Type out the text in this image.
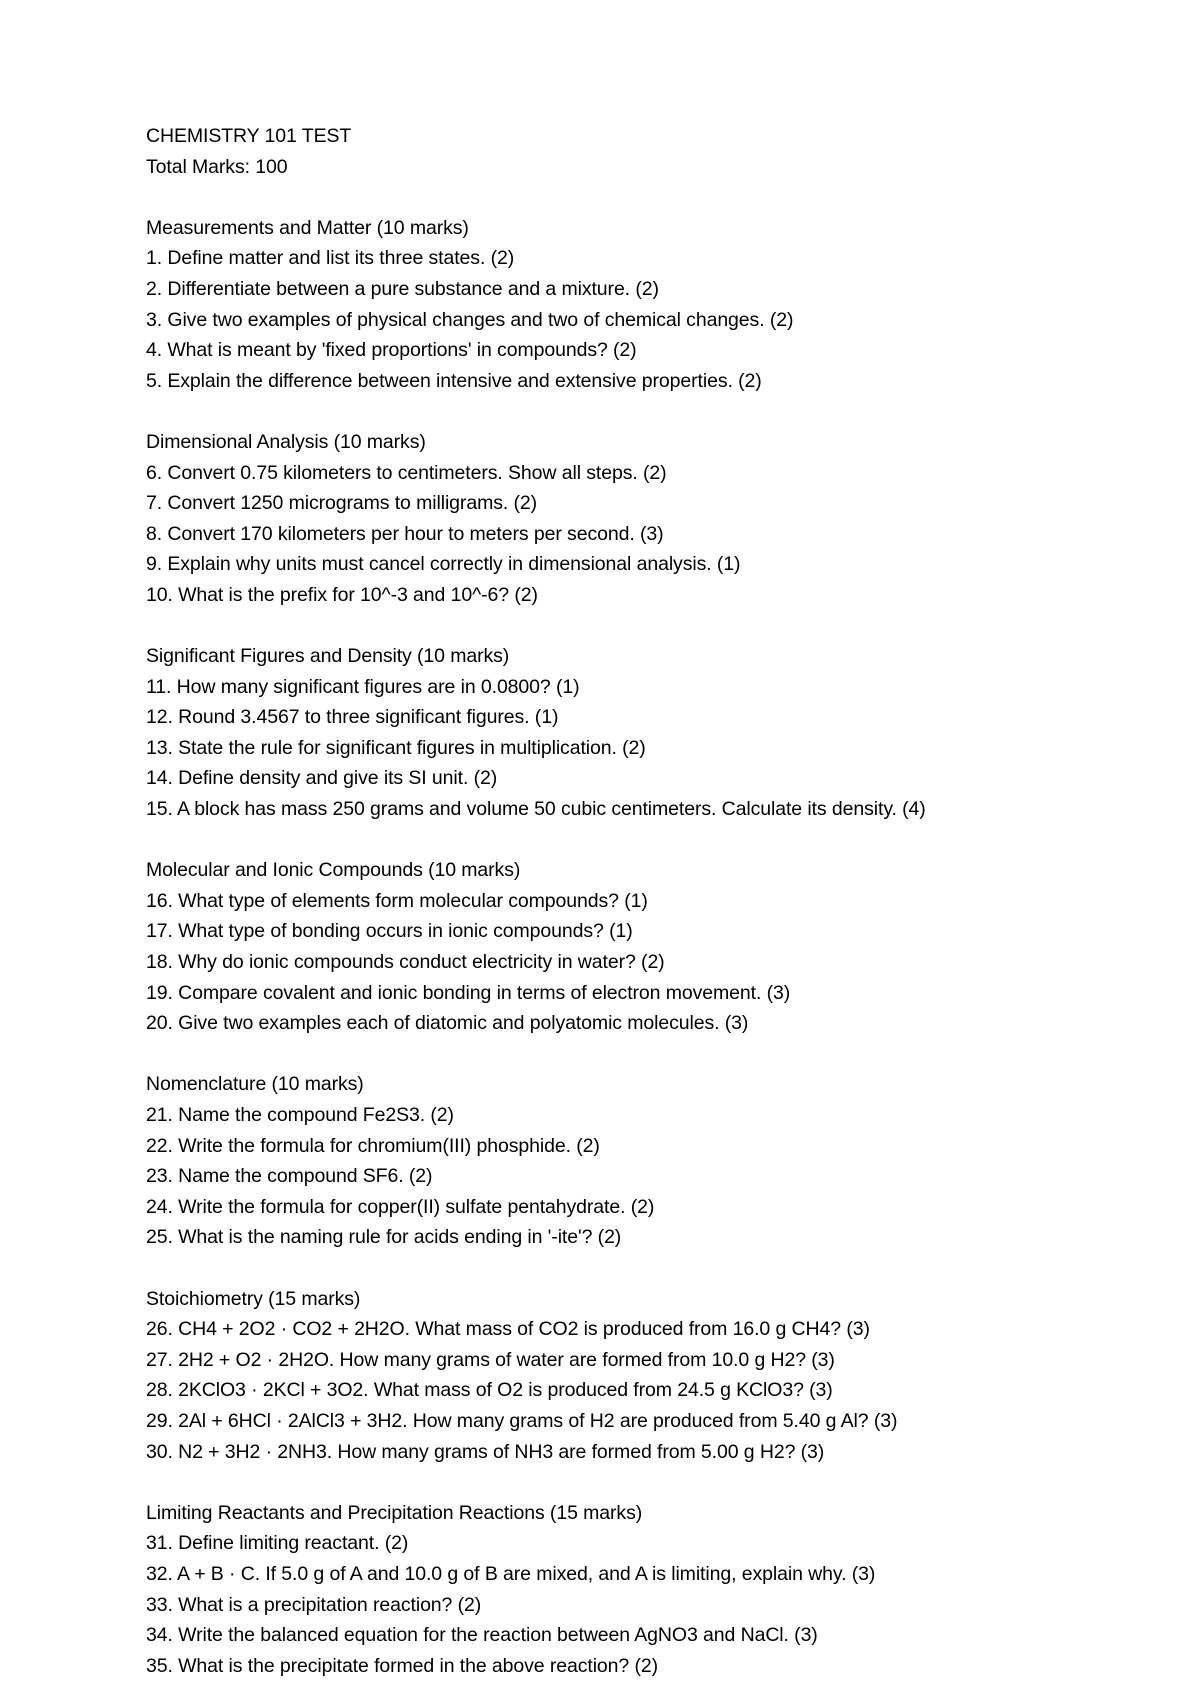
CHEMISTRY 101 TEST
Total Marks: 100
Measurements and Matter (10 marks)
1. Define matter and list its three states. (2)
2. Differentiate between a pure substance and a mixture. (2)
3. Give two examples of physical changes and two of chemical changes. (2)
4. What is meant by 'fixed proportions' in compounds? (2)
5. Explain the difference between intensive and extensive properties. (2)
Dimensional Analysis (10 marks)
6. Convert 0.75 kilometers to centimeters. Show all steps. (2)
7. Convert 1250 micrograms to milligrams. (2)
8. Convert 170 kilometers per hour to meters per second. (3)
9. Explain why units must cancel correctly in dimensional analysis. (1)
10. What is the prefix for 10^-3 and 10^-6? (2)
Significant Figures and Density (10 marks)
11. How many significant figures are in 0.0800? (1)
12. Round 3.4567 to three significant figures. (1)
13. State the rule for significant figures in multiplication. (2)
14. Define density and give its SI unit. (2)
15. A block has mass 250 grams and volume 50 cubic centimeters. Calculate its density. (4)
Molecular and Ionic Compounds (10 marks)
16. What type of elements form molecular compounds? (1)
17. What type of bonding occurs in ionic compounds? (1)
18. Why do ionic compounds conduct electricity in water? (2)
19. Compare covalent and ionic bonding in terms of electron movement. (3)
20. Give two examples each of diatomic and polyatomic molecules. (3)
Nomenclature (10 marks)
21. Name the compound Fe2S3. (2)
22. Write the formula for chromium(III) phosphide. (2)
23. Name the compound SF6. (2)
24. Write the formula for copper(II) sulfate pentahydrate. (2)
25. What is the naming rule for acids ending in '-ite'? (2)
Stoichiometry (15 marks)
26. CH4 + 2O2 · CO2 + 2H2O. What mass of CO2 is produced from 16.0 g CH4? (3)
27. 2H2 + O2 · 2H2O. How many grams of water are formed from 10.0 g H2? (3)
28. 2KClO3 · 2KCl + 3O2. What mass of O2 is produced from 24.5 g KClO3? (3)
29. 2Al + 6HCl · 2AlCl3 + 3H2. How many grams of H2 are produced from 5.40 g Al? (3)
30. N2 + 3H2 · 2NH3. How many grams of NH3 are formed from 5.00 g H2? (3)
Limiting Reactants and Precipitation Reactions (15 marks)
31. Define limiting reactant. (2)
32. A + B · C. If 5.0 g of A and 10.0 g of B are mixed, and A is limiting, explain why. (3)
33. What is a precipitation reaction? (2)
34. Write the balanced equation for the reaction between AgNO3 and NaCl. (3)
35. What is the precipitate formed in the above reaction? (2)
